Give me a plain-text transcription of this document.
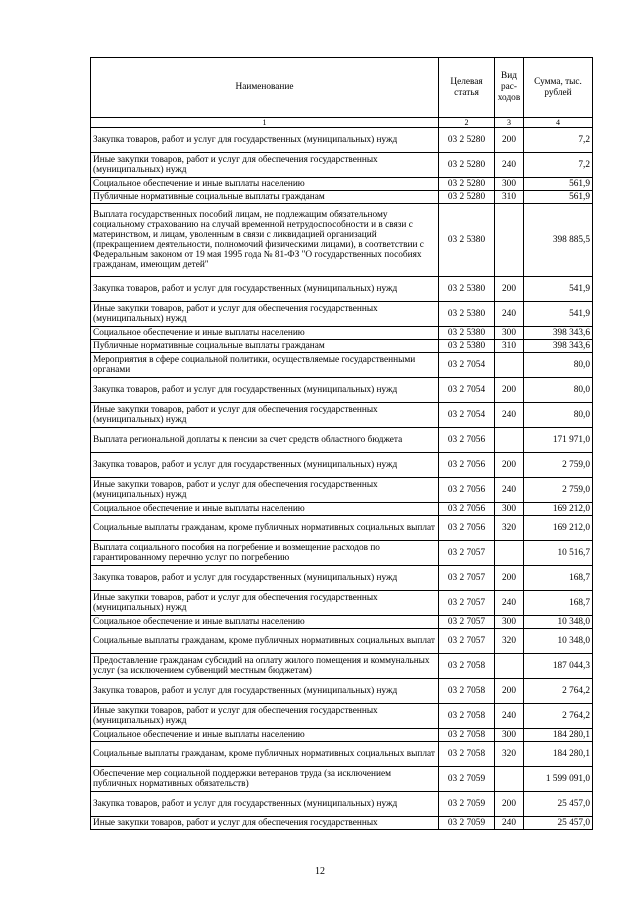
Наименование	Целевая статья	Вид рас-ходов	Сумма, тыс. рублей
1	2	3	4
Закупка товаров, работ и услуг для государственных (муниципальных) нужд	03 2 5280	200	7,2
Иные закупки товаров, работ и услуг для обеспечения государственных (муниципальных) нужд	03 2 5280	240	7,2
Социальное обеспечение и иные выплаты населению	03 2 5280	300	561,9
Публичные нормативные социальные выплаты гражданам	03 2 5280	310	561,9
Выплата государственных пособий лицам, не подлежащим обязательному социальному страхованию на случай временной нетрудоспособности и в связи с материнством, и лицам, уволенным в связи с ликвидацией организаций (прекращением деятельности, полномочий физическими лицами), в соответствии с Федеральным законом от 19 мая 1995 года № 81-ФЗ "О государственных пособиях гражданам, имеющим детей"	03 2 5380		398 885,5
Закупка товаров, работ и услуг для государственных (муниципальных) нужд	03 2 5380	200	541,9
Иные закупки товаров, работ и услуг для обеспечения государственных (муниципальных) нужд	03 2 5380	240	541,9
Социальное обеспечение и иные выплаты населению	03 2 5380	300	398 343,6
Публичные нормативные социальные выплаты гражданам	03 2 5380	310	398 343,6
Мероприятия в сфере социальной политики, осуществляемые государственными органами	03 2 7054		80,0
Закупка товаров, работ и услуг для государственных (муниципальных) нужд	03 2 7054	200	80,0
Иные закупки товаров, работ и услуг для обеспечения государственных (муниципальных) нужд	03 2 7054	240	80,0
Выплата региональной доплаты к пенсии за счет средств областного бюджета	03 2 7056		171 971,0
Закупка товаров, работ и услуг для государственных (муниципальных) нужд	03 2 7056	200	2 759,0
Иные закупки товаров, работ и услуг для обеспечения государственных (муниципальных) нужд	03 2 7056	240	2 759,0
Социальное обеспечение и иные выплаты населению	03 2 7056	300	169 212,0
Социальные выплаты гражданам, кроме публичных нормативных социальных выплат	03 2 7056	320	169 212,0
Выплата социального пособия на погребение и возмещение расходов по гарантированному перечню услуг по погребению	03 2 7057		10 516,7
Закупка товаров, работ и услуг для государственных (муниципальных) нужд	03 2 7057	200	168,7
Иные закупки товаров, работ и услуг для обеспечения государственных (муниципальных) нужд	03 2 7057	240	168,7
Социальное обеспечение и иные выплаты населению	03 2 7057	300	10 348,0
Социальные выплаты гражданам, кроме публичных нормативных социальных выплат	03 2 7057	320	10 348,0
Предоставление гражданам субсидий на оплату жилого помещения и коммунальных услуг (за исключением субвенций местным бюджетам)	03 2 7058		187 044,3
Закупка товаров, работ и услуг для государственных (муниципальных) нужд	03 2 7058	200	2 764,2
Иные закупки товаров, работ и услуг для обеспечения государственных (муниципальных) нужд	03 2 7058	240	2 764,2
Социальное обеспечение и иные выплаты населению	03 2 7058	300	184 280,1
Социальные выплаты гражданам, кроме публичных нормативных социальных выплат	03 2 7058	320	184 280,1
Обеспечение мер социальной поддержки ветеранов труда (за исключением публичных нормативных обязательств)	03 2 7059		1 599 091,0
Закупка товаров, работ и услуг для государственных (муниципальных) нужд	03 2 7059	200	25 457,0
Иные закупки товаров, работ и услуг для обеспечения государственных	03 2 7059	240	25 457,0
12
